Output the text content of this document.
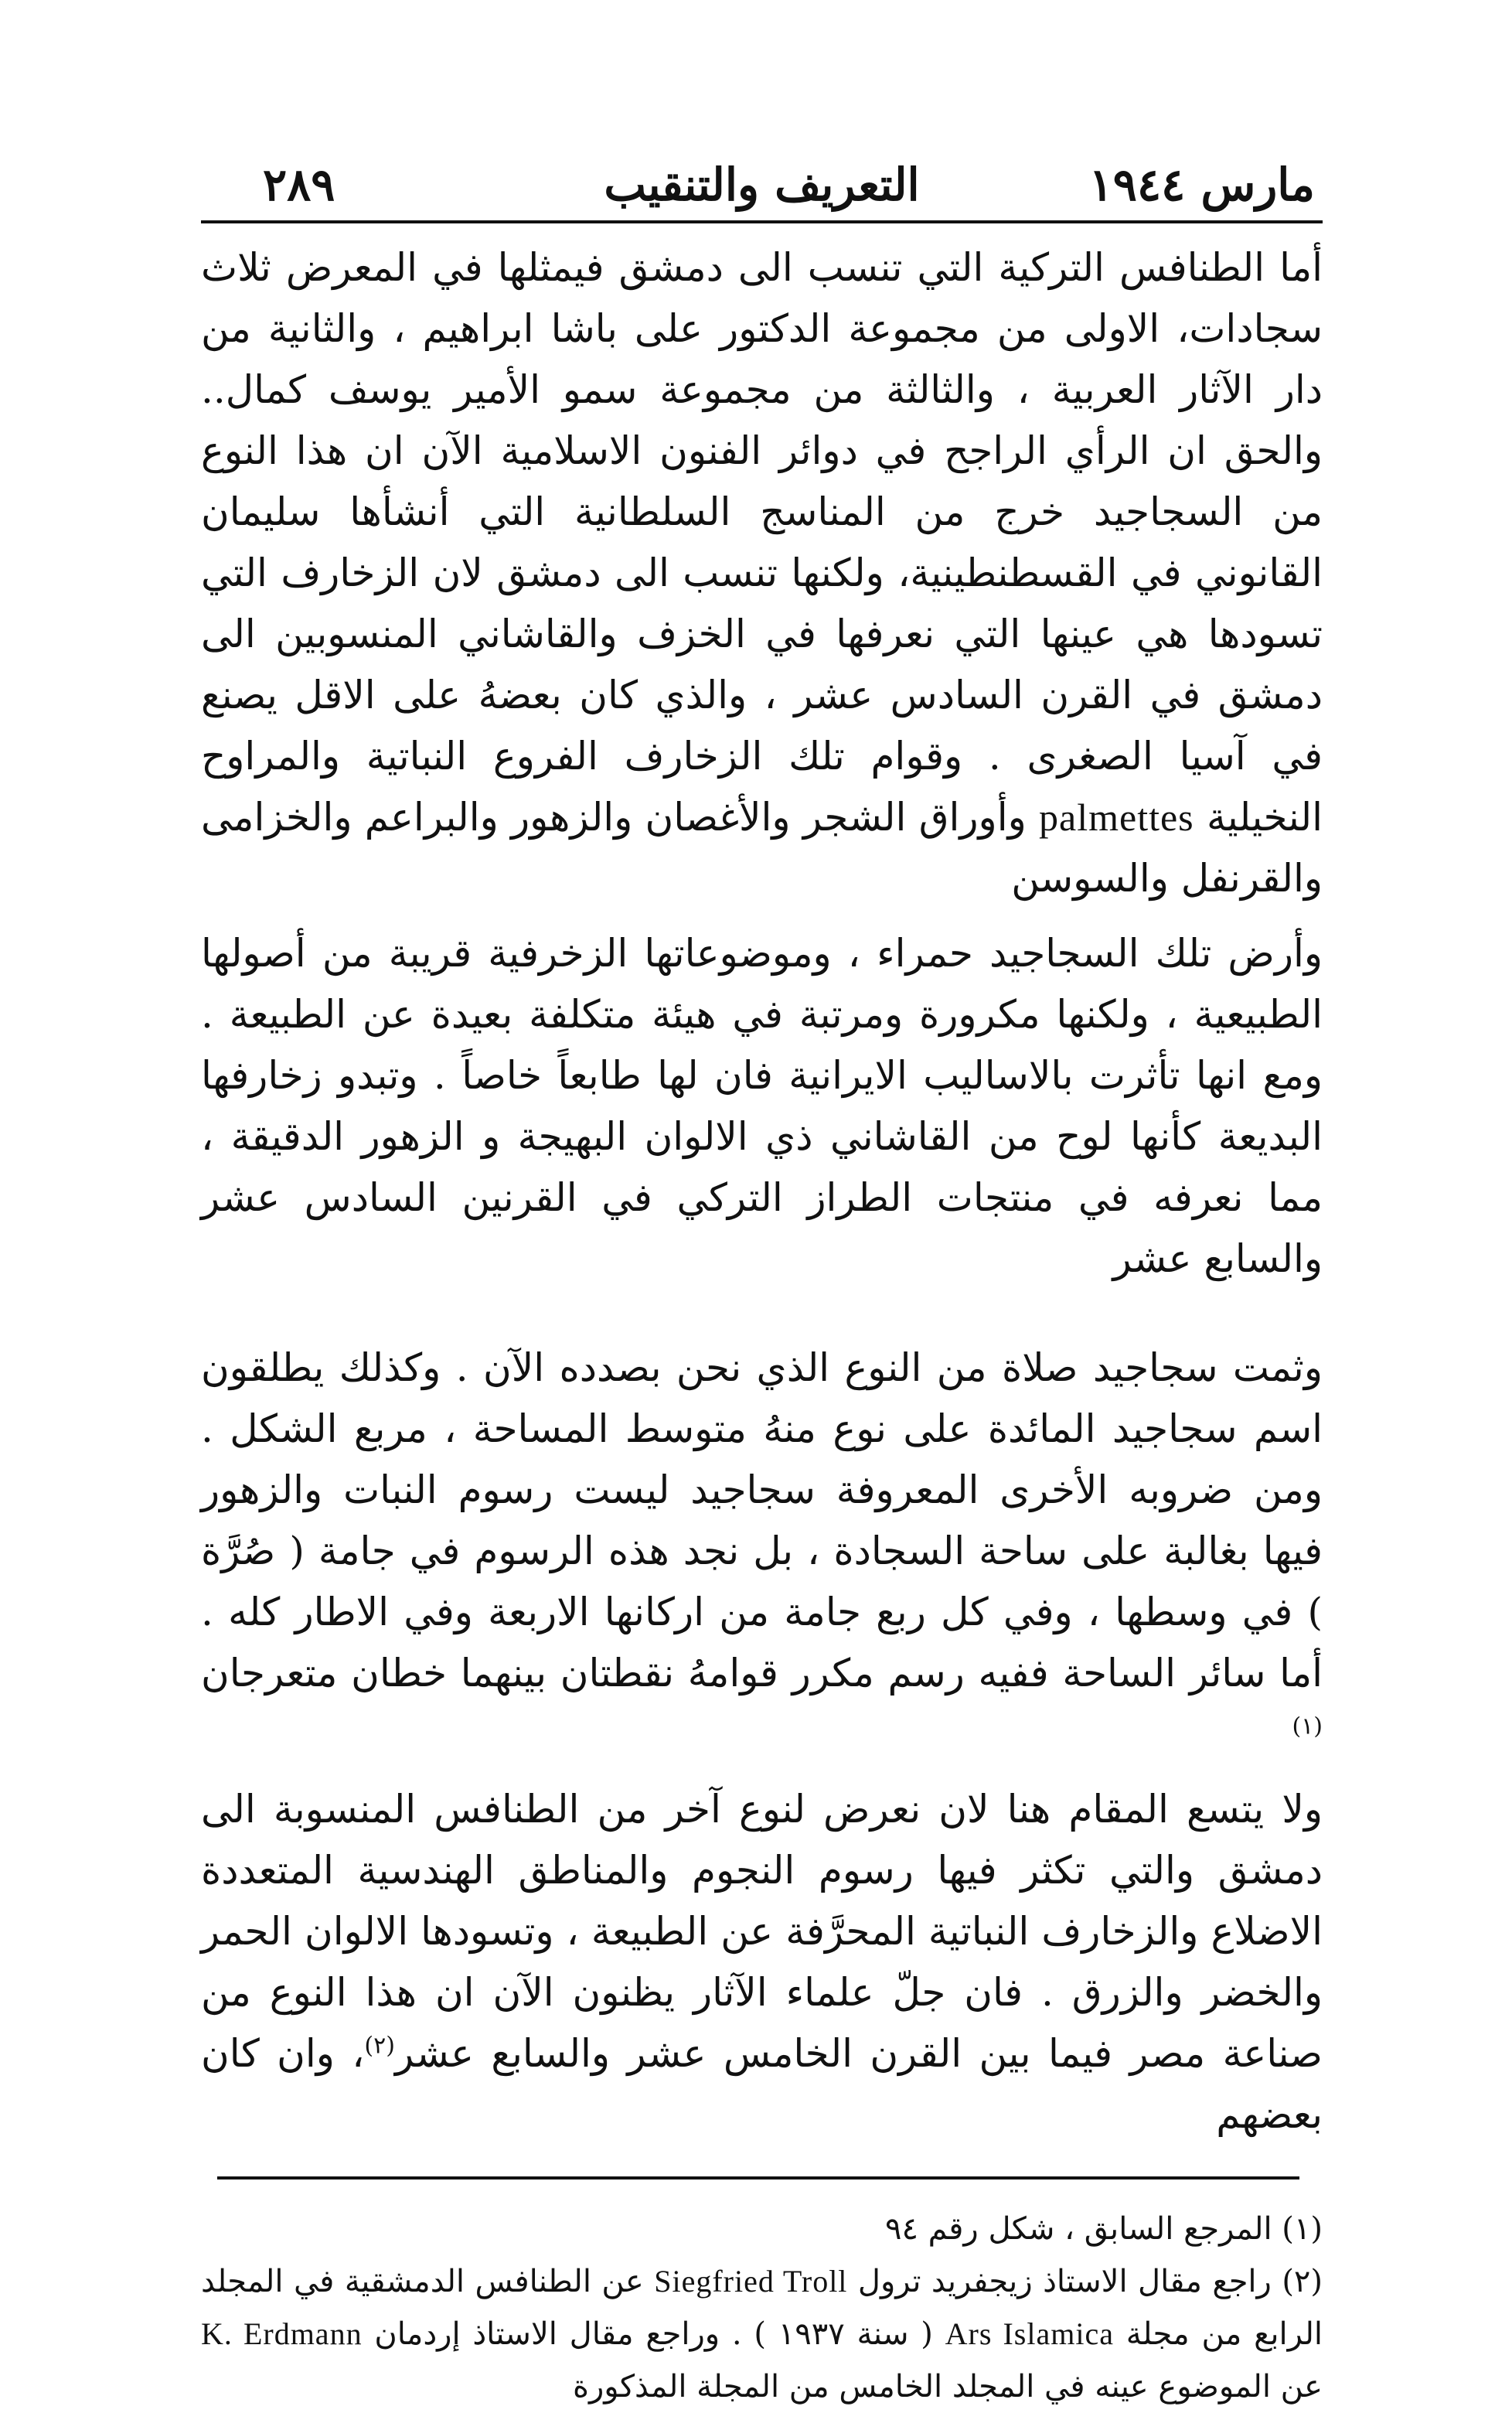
٢٨٩	التعريف والتنقيب	مارس ١٩٤٤

أما الطنافس التركية التي تنسب الى دمشق فيمثلها في المعرض ثلاث سجادات، الاولى من مجموعة الدكتور على باشا ابراهيم ، والثانية من دار الآثار العربية ، والثالثة من مجموعة سمو الأمير يوسف كمال.. والحق ان الرأي الراجح في دوائر الفنون الاسلامية الآن ان هذا النوع من السجاجيد خرج من المناسج السلطانية التي أنشأها سليمان القانوني في القسطنطينية، ولكنها تنسب الى دمشق لان الزخارف التي تسودها هي عينها التي نعرفها في الخزف والقاشاني المنسوبين الى دمشق في القرن السادس عشر ، والذي كان بعضهُ على الاقل يصنع في آسيا الصغرى . وقوام تلك الزخارف الفروع النباتية والمراوح النخيلية palmettes وأوراق الشجر والأغصان والزهور والبراعم والخزامى والقرنفل والسوسن

وأرض تلك السجاجيد حمراء ، وموضوعاتها الزخرفية قريبة من أصولها الطبيعية ، ولكنها مكرورة ومرتبة في هيئة متكلفة بعيدة عن الطبيعة . ومع انها تأثرت بالاساليب الايرانية فان لها طابعاً خاصاً . وتبدو زخارفها البديعة كأنها لوح من القاشاني ذي الالوان البهيجة و الزهور الدقيقة ، مما نعرفه في منتجات الطراز التركي في القرنين السادس عشر والسابع عشر

وثمت سجاجيد صلاة من النوع الذي نحن بصدده الآن . وكذلك يطلقون اسم سجاجيد المائدة على نوع منهُ متوسط المساحة ، مربع الشكل . ومن ضروبه الأخرى المعروفة سجاجيد ليست رسوم النبات والزهور فيها بغالبة على ساحة السجادة ، بل نجد هذه الرسوم في جامة ( صُرَّة ) في وسطها ، وفي كل ربع جامة من اركانها الاربعة وفي الاطار كله . أما سائر الساحة ففيه رسم مكرر قوامهُ نقطتان بينهما خطان متعرجان $^{(١)}$

ولا يتسع المقام هنا لان نعرض لنوع آخر من الطنافس المنسوبة الى دمشق والتي تكثر فيها رسوم النجوم والمناطق الهندسية المتعددة الاضلاع والزخارف النباتية المحرَّفة عن الطبيعة ، وتسودها الالوان الحمر والخضر والزرق . فان جلّ علماء الآثار يظنون الآن ان هذا النوع من صناعة مصر فيما بين القرن الخامس عشر والسابع عشر$^{(٢)}$، وان كان بعضهم

(١) المرجع السابق ، شكل رقم ٩٤

(٢) راجع مقال الاستاذ زيجفريد ترول Siegfried Troll عن الطنافس الدمشقية في المجلد الرابع من مجلة Ars Islamica ( سنة ١٩٣٧ ) . وراجع مقال الاستاذ إردمان K. Erdmann عن الموضوع عينه في المجلد الخامس من المجلة المذكورة
